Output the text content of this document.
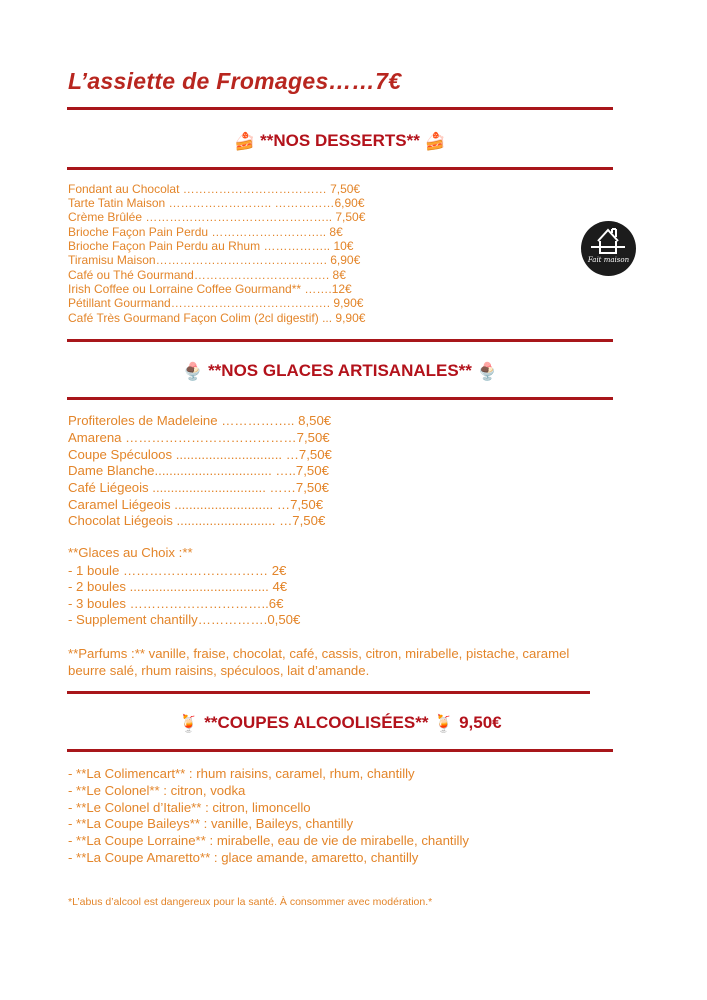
L’assiette de Fromages……7€
🍰 **NOS DESSERTS** 🍰
Fondant au Chocolat ……………………………… 7,50€
Tarte Tatin Maison …………………….. ……………6,90€
Crème Brûlée ……………………………………….. 7,50€
Brioche Façon Pain Perdu ……………………….. 8€
Brioche Façon Pain Perdu au Rhum …………….. 10€
Tiramisu Maison……………………………………. 6,90€
Café ou Thé Gourmand……………………………. 8€
Irish Coffee ou Lorraine Coffee Gourmand** …….12€
Pétillant Gourmand…………………………………. 9,90€
Café Très Gourmand Façon Colim (2cl digestif) ... 9,90€
Fait maison
🍨 **NOS GLACES ARTISANALES** 🍨
Profiteroles de Madeleine …………….. 8,50€
Amarena …………………………………7,50€
Coupe Spéculoos ............................. …7,50€
Dame Blanche................................ …..7,50€
Café Liégeois ............................... ……7,50€
Caramel Liégeois ........................... …7,50€
Chocolat Liégeois ........................... …7,50€
**Glaces au Choix :**
- 1 boule …………………………… 2€
- 2 boules ...................................... 4€
- 3 boules …………………………..6€
- Supplement chantilly…………….0,50€
**Parfums :** vanille, fraise, chocolat, café, cassis, citron, mirabelle, pistache, caramel
beurre salé, rhum raisins, spéculoos, lait d’amande.
🍹 **COUPES ALCOOLISÉES** 🍹 9,50€
- **La Colimencart** : rhum raisins, caramel, rhum, chantilly
- **Le Colonel** : citron, vodka
- **Le Colonel d’Italie** : citron, limoncello
- **La Coupe Baileys** : vanille, Baileys, chantilly
- **La Coupe Lorraine** : mirabelle, eau de vie de mirabelle, chantilly
- **La Coupe Amaretto** : glace amande, amaretto, chantilly
*L’abus d’alcool est dangereux pour la santé. À consommer avec modération.*
